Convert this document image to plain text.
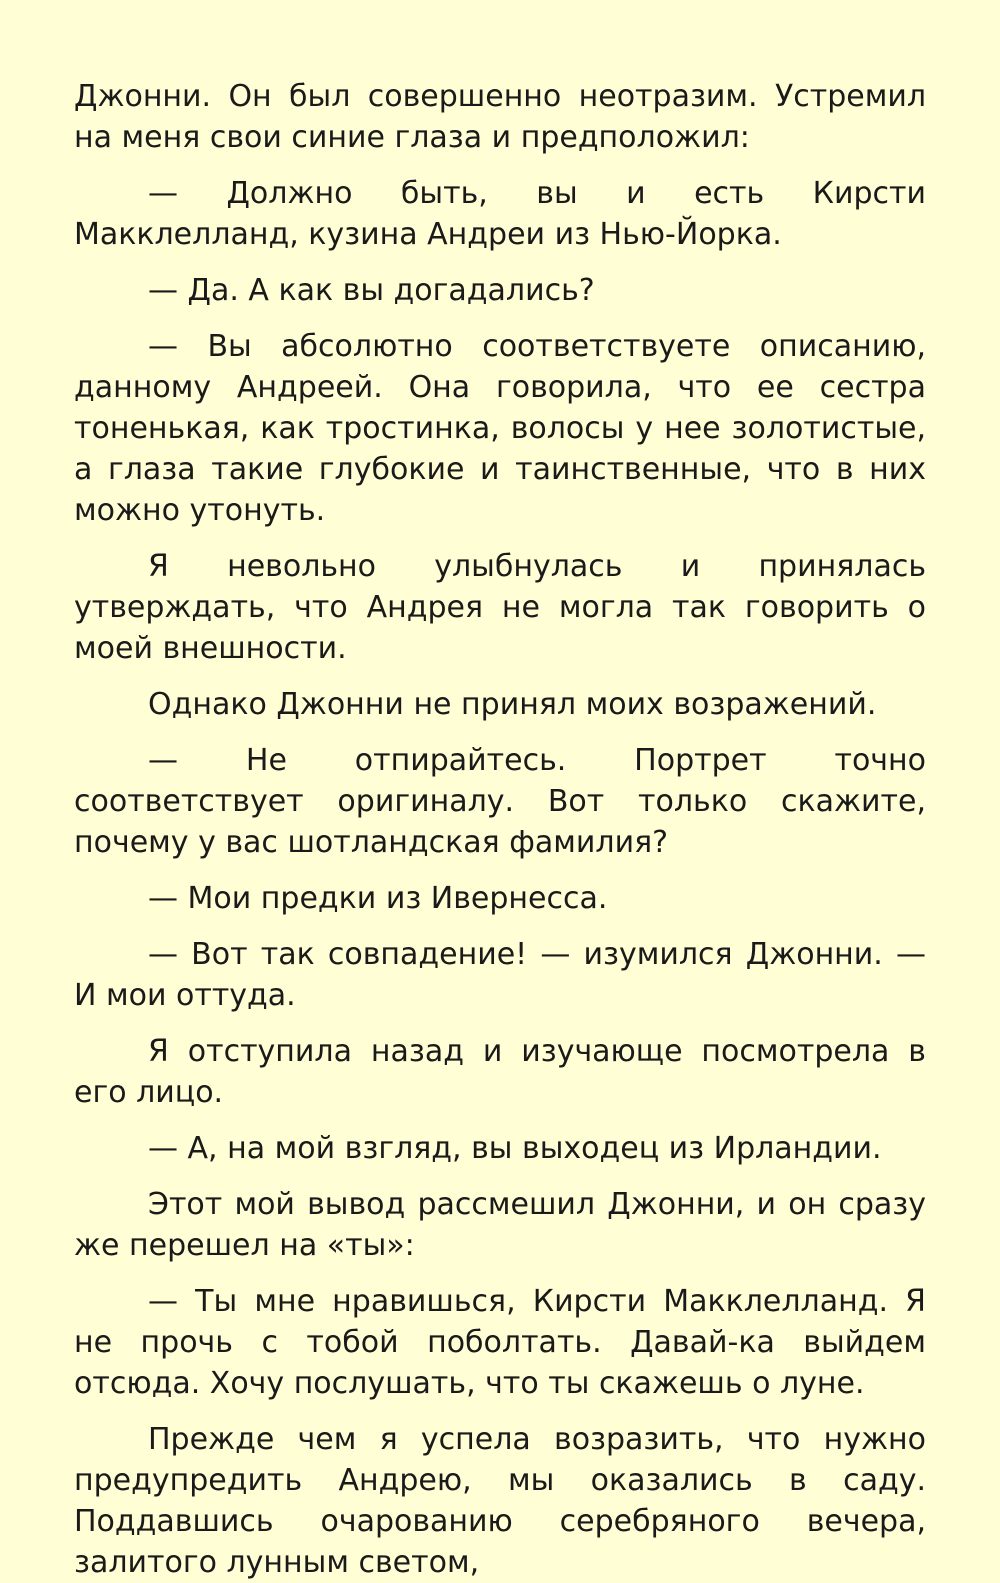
Джонни. Он был совершенно неотразим. Устремил на меня свои синие глаза и предположил:

— Должно быть, вы и есть Кирсти Макклелланд, кузина Андреи из Нью-Йорка.

— Да. А как вы догадались?

— Вы абсолютно соответствуете описанию, данному Андреей. Она говорила, что ее сестра тоненькая, как тростинка, волосы у нее золотистые, а глаза такие глубокие и таинственные, что в них можно утонуть.

Я невольно улыбнулась и принялась утверждать, что Андрея не могла так говорить о моей внешности.

Однако Джонни не принял моих возражений.

— Не отпирайтесь. Портрет точно соответствует оригиналу. Вот только скажите, почему у вас шотландская фамилия?

— Мои предки из Ивернесса.

— Вот так совпадение! — изумился Джонни. — И мои оттуда.

Я отступила назад и изучающе посмотрела в его лицо.

— А, на мой взгляд, вы выходец из Ирландии.

Этот мой вывод рассмешил Джонни, и он сразу же перешел на «ты»:

— Ты мне нравишься, Кирсти Макклелланд. Я не прочь с тобой поболтать. Давай-ка выйдем отсюда. Хочу послушать, что ты скажешь о луне.

Прежде чем я успела возразить, что нужно предупредить Андрею, мы оказались в саду. Поддавшись очарованию серебряного вечера, залитого лунным светом,
